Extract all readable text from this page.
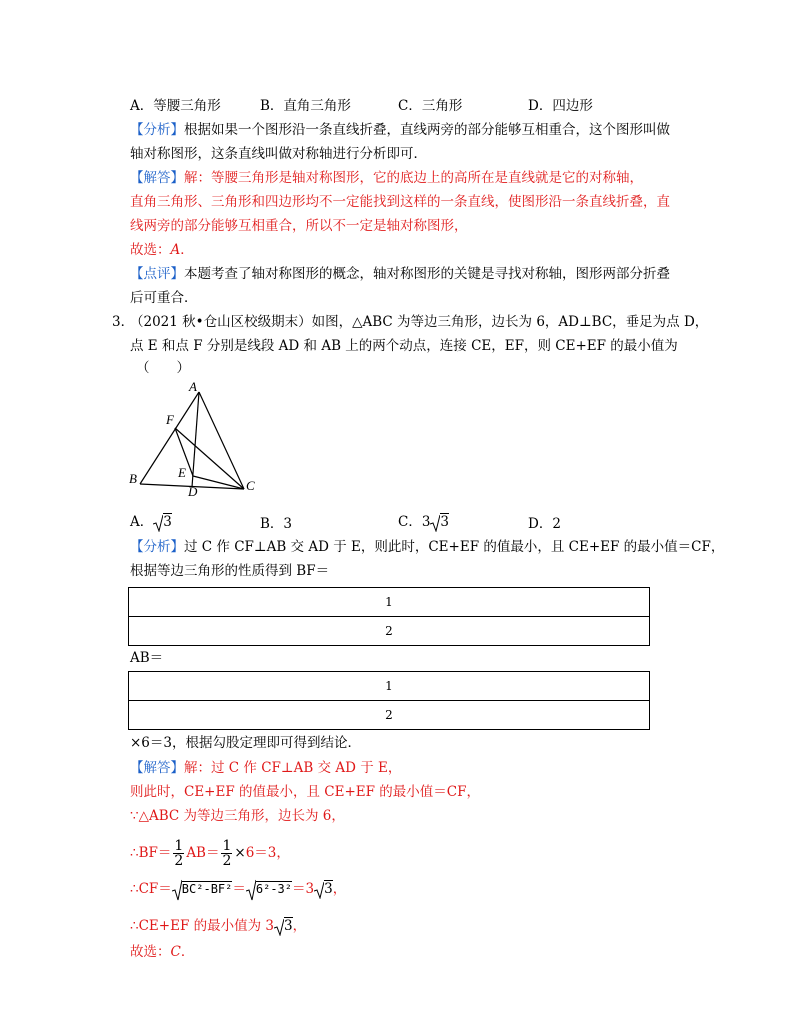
A．等腰三角形	B．直角三角形	C．三角形	D．四边形
【分析】根据如果一个图形沿一条直线折叠，直线两旁的部分能够互相重合，这个图形叫做
轴对称图形，这条直线叫做对称轴进行分析即可．
【解答】解：等腰三角形是轴对称图形，它的底边上的高所在是直线就是它的对称轴，
直角三角形、三角形和四边形均不一定能找到这样的一条直线，使图形沿一条直线折叠，直
线两旁的部分能够互相重合，所以不一定是轴对称图形，
故选：A．
【点评】本题考查了轴对称图形的概念，轴对称图形的关键是寻找对称轴，图形两部分折叠
后可重合．
3．
（2021 秋•仓山区校级期末）如图，△ABC 为等边三角形，边长为 6，AD⊥BC，垂足为点 D，
点 E 和点 F 分别是线段 AD 和 AB 上的两个动点，连接 CE，EF，则 CE+EF 的最小值为
（　　）
A
F
E
B
D	C
A． 3	B．3	C．3 3	D．2
【分析】过 C 作 CF⊥AB 交 AD 于 E，则此时，CE+EF 的值最小，且 CE+EF 的最小值＝CF，
根据等边三角形的性质得到 BF＝
1
2
AB＝
1
2
×6＝3，根据勾股定理即可得到结论．
【解答】解：过 C 作 CF⊥AB 交 AD 于 E，
则此时，CE+EF 的值最小，且 CE+EF 的最小值＝CF，
∵△ABC 为等边三角形，边长为 6，
∴BF＝ $\frac{1}{2} AB= \frac{1}{2} \times 6=3$，
∴CF＝ BC²-BF²＝ 6²-3²＝3 3，
∴CE+EF 的最小值为 3 3，
故选：C．
